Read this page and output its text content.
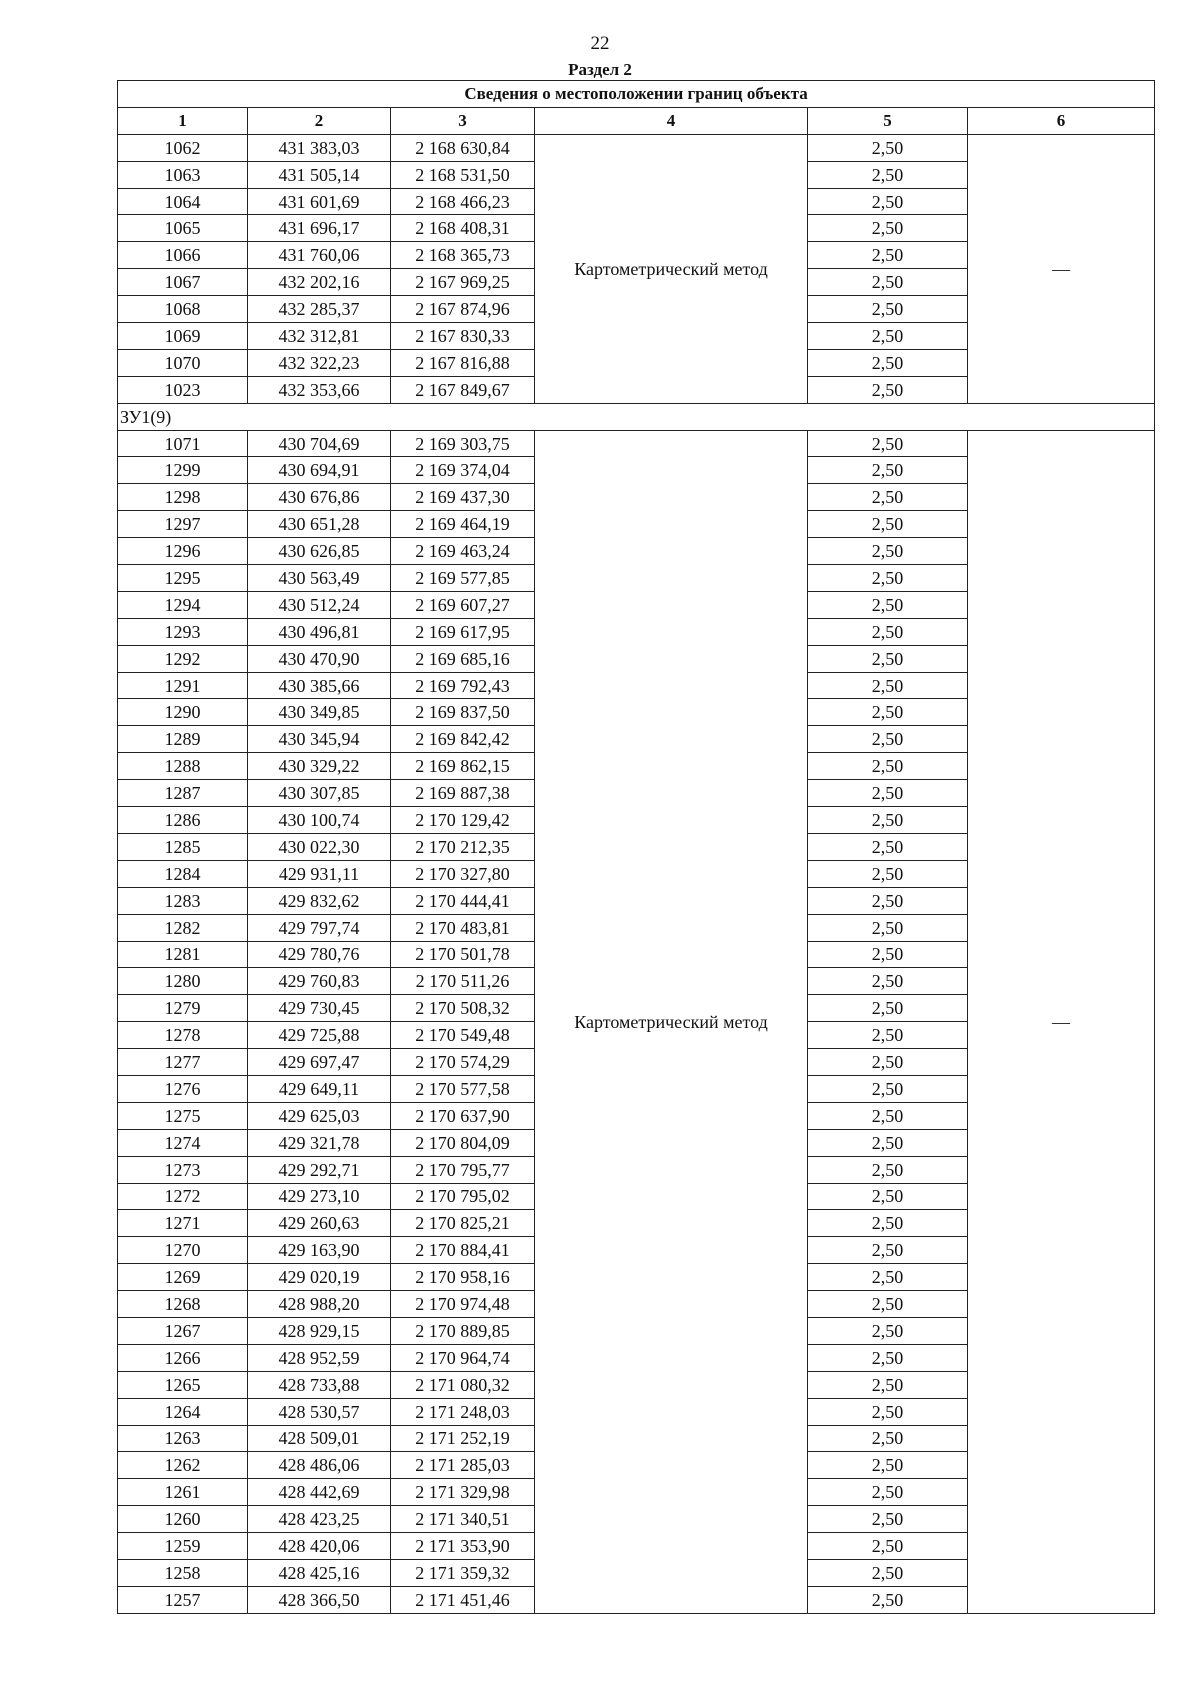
22
Раздел 2
Сведения о местоположении границ объекта					
1	2	3	4	5	6
1062	431 383,03	2 168 630,84	Картометрический метод	2,50	—
1063	431 505,14	2 168 531,50		2,50	
1064	431 601,69	2 168 466,23		2,50	
1065	431 696,17	2 168 408,31		2,50	
1066	431 760,06	2 168 365,73		2,50	
1067	432 202,16	2 167 969,25		2,50	
1068	432 285,37	2 167 874,96		2,50	
1069	432 312,81	2 167 830,33		2,50	
1070	432 322,23	2 167 816,88		2,50	
1023	432 353,66	2 167 849,67		2,50	
ЗУ1(9)					
1071	430 704,69	2 169 303,75	Картометрический метод	2,50	—
1299	430 694,91	2 169 374,04		2,50	
1298	430 676,86	2 169 437,30		2,50	
1297	430 651,28	2 169 464,19		2,50	
1296	430 626,85	2 169 463,24		2,50	
1295	430 563,49	2 169 577,85		2,50	
1294	430 512,24	2 169 607,27		2,50	
1293	430 496,81	2 169 617,95		2,50	
1292	430 470,90	2 169 685,16		2,50	
1291	430 385,66	2 169 792,43		2,50	
1290	430 349,85	2 169 837,50		2,50	
1289	430 345,94	2 169 842,42		2,50	
1288	430 329,22	2 169 862,15		2,50	
1287	430 307,85	2 169 887,38		2,50	
1286	430 100,74	2 170 129,42		2,50	
1285	430 022,30	2 170 212,35		2,50	
1284	429 931,11	2 170 327,80		2,50	
1283	429 832,62	2 170 444,41		2,50	
1282	429 797,74	2 170 483,81		2,50	
1281	429 780,76	2 170 501,78		2,50	
1280	429 760,83	2 170 511,26		2,50	
1279	429 730,45	2 170 508,32		2,50	
1278	429 725,88	2 170 549,48		2,50	
1277	429 697,47	2 170 574,29		2,50	
1276	429 649,11	2 170 577,58		2,50	
1275	429 625,03	2 170 637,90		2,50	
1274	429 321,78	2 170 804,09		2,50	
1273	429 292,71	2 170 795,77		2,50	
1272	429 273,10	2 170 795,02		2,50	
1271	429 260,63	2 170 825,21		2,50	
1270	429 163,90	2 170 884,41		2,50	
1269	429 020,19	2 170 958,16		2,50	
1268	428 988,20	2 170 974,48		2,50	
1267	428 929,15	2 170 889,85		2,50	
1266	428 952,59	2 170 964,74		2,50	
1265	428 733,88	2 171 080,32		2,50	
1264	428 530,57	2 171 248,03		2,50	
1263	428 509,01	2 171 252,19		2,50	
1262	428 486,06	2 171 285,03		2,50	
1261	428 442,69	2 171 329,98		2,50	
1260	428 423,25	2 171 340,51		2,50	
1259	428 420,06	2 171 353,90		2,50	
1258	428 425,16	2 171 359,32		2,50	
1257	428 366,50	2 171 451,46		2,50	
